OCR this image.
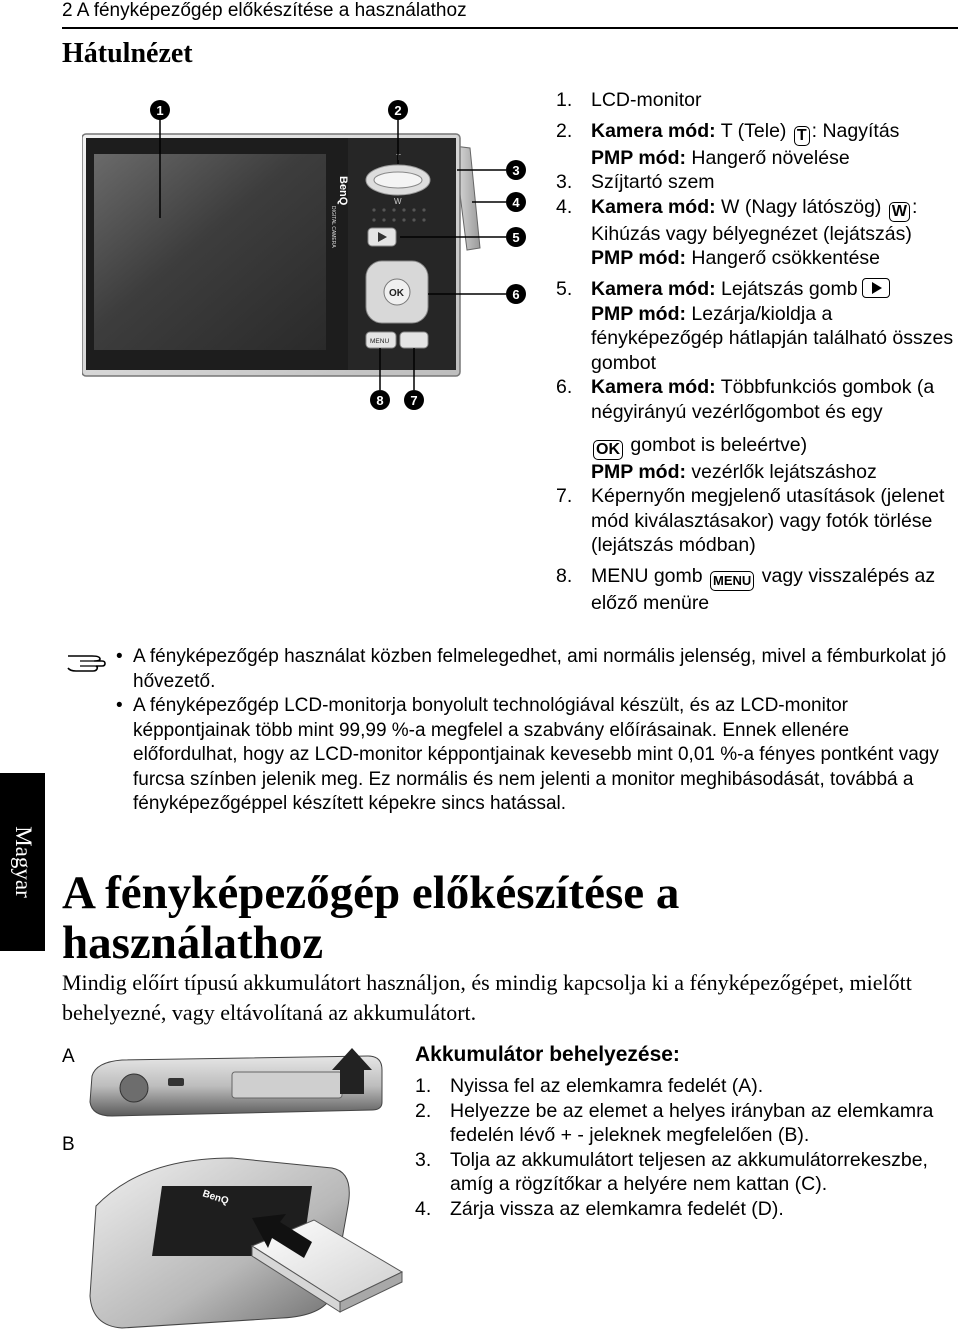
2 A fényképezőgép előkészítése a használathoz
Hátulnézet
BenQ
DIGITAL CAMERA
T
W
OK
MENU
1	2
3
4
5
6
7
8
1. LCD-monitor
2. Kamera mód: T (Tele) T : Nagyítás
PMP mód: Hangerő növelése
3. Szíjtartó szem
4. Kamera mód: W (Nagy látószög) W :
Kihúzás vagy bélyegnézet (lejátszás)
PMP mód: Hangerő csökkentése
5. Kamera mód: Lejátszás gomb
PMP mód: Lezárja/kioldja a fényképezőgép hátlapján található összes gombot
6. Kamera mód: Többfunkciós gombok (a négyirányú vezérlőgombot és egy
OK gombot is beleértve)
PMP mód: vezérlők lejátszáshoz
7. Képernyőn megjelenő utasítások (jelenet mód kiválasztásakor) vagy fotók törlése (lejátszás módban)
8. MENU gomb MENU vagy visszalépés az előző menüre
• A fényképezőgép használat közben felmelegedhet, ami normális jelenség, mivel a fémburkolat jó hővezető.
• A fényképezőgép LCD-monitorja bonyolult technológiával készült, és az LCD-monitor képpontjainak több mint 99,99 %-a megfelel a szabvány előírásainak. Ennek ellenére előfordulhat, hogy az LCD-monitor képpontjainak kevesebb mint 0,01 %-a fényes pontként vagy furcsa színben jelenik meg. Ez normális és nem jelenti a monitor meghibásodását, továbbá a fényképezőgéppel készített képekre sincs hatással.
Magyar A fényképezőgép előkészítése a használathoz
Mindig előírt típusú akkumulátort használjon, és mindig kapcsolja ki a fényképezőgépet, mielőtt behelyezné, vagy eltávolítaná az akkumulátort.
A
B
BenQ
Akkumulátor behelyezése:
1. Nyissa fel az elemkamra fedelét (A).
2. Helyezze be az elemet a helyes irányban az elemkamra fedelén lévő + - jeleknek megfelelően (B).
3. Tolja az akkumulátort teljesen az akkumulátorrekeszbe, amíg a rögzítőkar a helyére nem kattan (C).
4. Zárja vissza az elemkamra fedelét (D).
